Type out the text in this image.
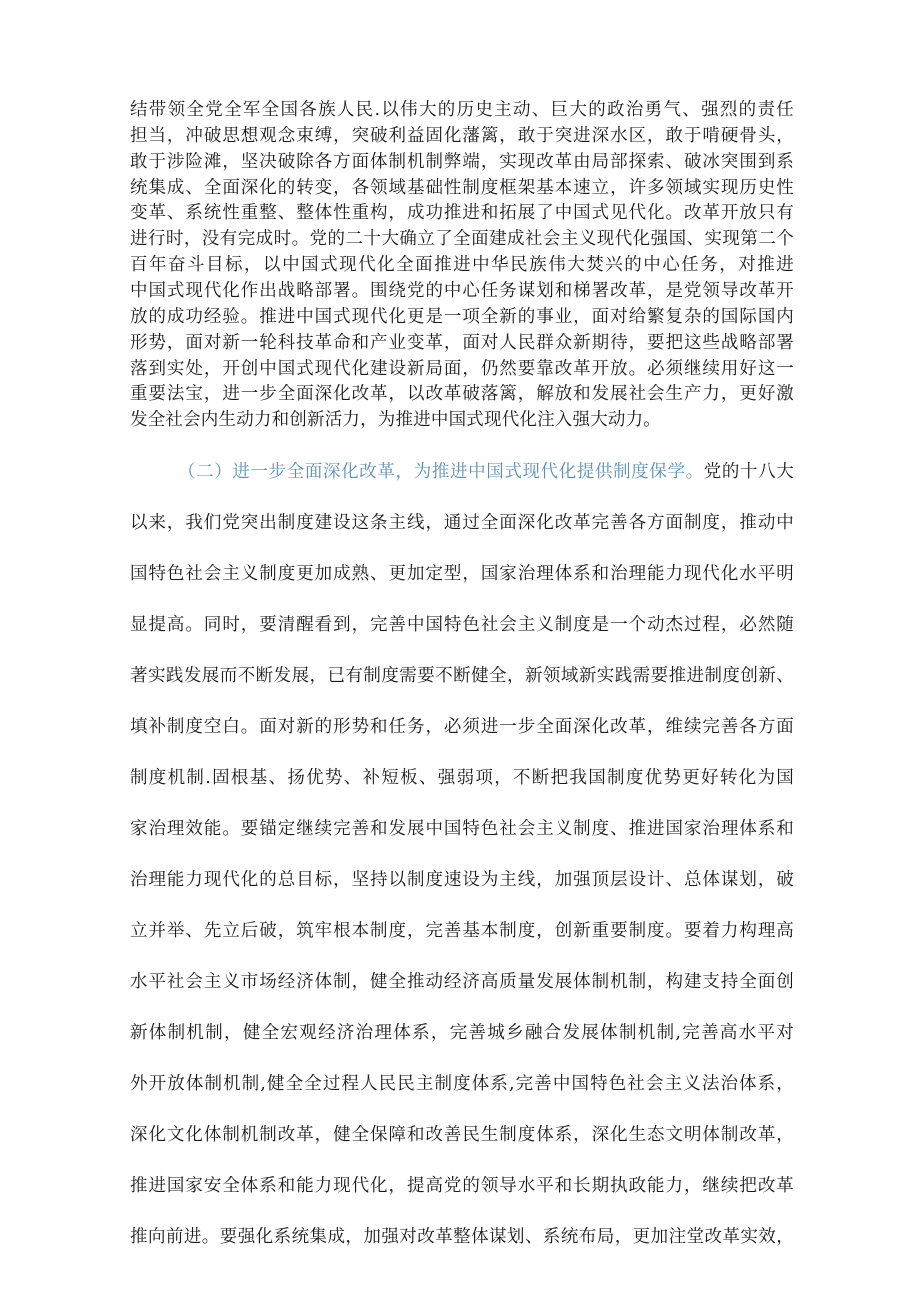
结带领全党全军全国各族人民.以伟大的历史主动、巨大的政治勇气、强烈的责任
担当，冲破思想观念束缚，突破利益固化藩篱，敢于突进深水区，敢于啃硬骨头，
敢于涉险滩，坚决破除各方面体制机制弊端，实现改革由局部探索、破冰突围到系
统集成、全面深化的转变，各领域基础性制度框架基本速立，许多领域实现历史性
变革、系统性重整、整体性重构，成功推进和拓展了中国式见代化。改革开放只有
进行时，没有完成时。党的二十大确立了全面建成社会主义现代化强国、实现第二个
百年奋斗目标，以中国式现代化全面推进中华民族伟大焚兴的中心任务，对推进
中国式现代化作出战略部署。围绕党的中心任务谋划和梯署改革，是党领导改革开
放的成功经验。推进中国式现代化更是一项全新的事业，面对给繁复杂的国际国内
形势，面对新一轮科技革命和产业变革，面对人民群众新期待，要把这些战略部署
落到实处，开创中国式现代化建设新局面，仍然要靠改革开放。必须继续用好这一
重要法宝，进一步全面深化改革，以改革破落篱，解放和发展社会生产力，更好激
发全社会内生动力和创新活力，为推进中国式现代化注入强大动力。
（二）进一步全面深化改革，为推进中国式现代化提供制度保学。党的十八大
以来，我们党突出制度建设这条主线，通过全面深化改革完善各方面制度，推动中
国特色社会主义制度更加成熟、更加定型，国家治理体系和治理能力现代化水平明
显提高。同时，要清醒看到，完善中国特色社会主义制度是一个动杰过程，必然随
著实践发展而不断发展，已有制度需要不断健全，新领域新实践需要推进制度创新、
填补制度空白。面对新的形势和任务，必须进一步全面深化改革，维续完善各方面
制度机制.固根基、扬优势、补短板、强弱项，不断把我国制度优势更好转化为国
家治理效能。要锚定继续完善和发展中国特色社会主义制度、推进国家治理体系和
治理能力现代化的总目标，坚持以制度速设为主线，加强顶层设计、总体谋划，破
立并举、先立后破，筑牢根本制度，完善基本制度，创新重要制度。要着力构理高
水平社会主义市场经济体制，健全推动经济高质量发展体制机制，构建支持全面创
新体制机制，健全宏观经济治理体系，完善城乡融合发展体制机制,完善高水平对
外开放体制机制,健全全过程人民民主制度体系,完善中国特色社会主义法治体系，
深化文化体制机制改革，健全保障和改善民生制度体系，深化生态文明体制改革，
推进国家安全体系和能力现代化，提高党的领导水平和长期执政能力，继续把改革
推向前进。要强化系统集成，加强对改革整体谋划、系统布局，更加注堂改革实效，
